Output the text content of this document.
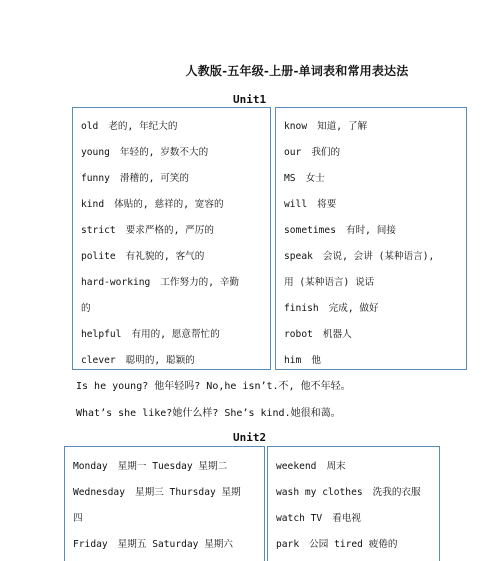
人教版-五年级-上册-单词表和常用表达法
Unit1
old 老的, 年纪大的
young 年轻的, 岁数不大的
funny 滑稽的, 可笑的
kind 体贴的, 慈祥的, 宽容的
strict 要求严格的, 严厉的
polite 有礼貌的, 客气的
hard-working 工作努力的, 辛勤
的
helpful 有用的, 愿意帮忙的
clever 聪明的, 聪颖的
know 知道, 了解
our 我们的
MS 女士
will 将要
sometimes 有时, 间接
speak 会说, 会讲 (某种语言),
用 (某种语言) 说话
finish 完成, 做好
robot 机器人
him 他
Is he young? 他年轻吗? No,he isn’t.不, 他不年轻。
What’s she like?她什么样? She’s kind.她很和蔼。
Unit2
Monday 星期一 Tuesday 星期二
Wednesday 星期三 Thursday 星期
四
Friday 星期五 Saturday 星期六
weekend 周末
wash my clothes 洗我的衣服
watch TV 看电视
park 公园 tired 疲倦的
